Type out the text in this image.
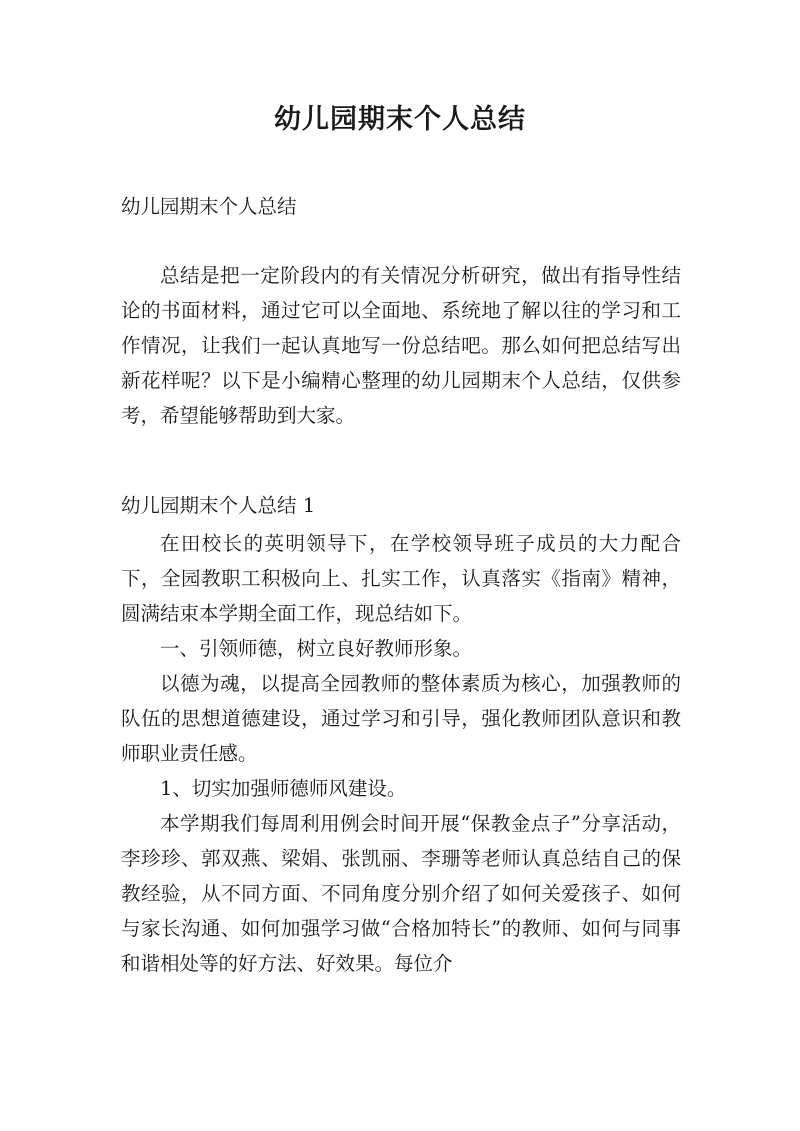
幼儿园期末个人总结

幼儿园期末个人总结

总结是把一定阶段内的有关情况分析研究，做出有指导性结论的书面材料，通过它可以全面地、系统地了解以往的学习和工作情况，让我们一起认真地写一份总结吧。那么如何把总结写出新花样呢？以下是小编精心整理的幼儿园期末个人总结，仅供参考，希望能够帮助到大家。

幼儿园期末个人总结 1

在田校长的英明领导下，在学校领导班子成员的大力配合下，全园教职工积极向上、扎实工作，认真落实《指南》精神，圆满结束本学期全面工作，现总结如下。

一、引领师德，树立良好教师形象。

以德为魂，以提高全园教师的整体素质为核心，加强教师的队伍的思想道德建设，通过学习和引导，强化教师团队意识和教师职业责任感。

1、切实加强师德师风建设。

本学期我们每周利用例会时间开展“保教金点子”分享活动，李珍珍、郭双燕、梁娟、张凯丽、李珊等老师认真总结自己的保教经验，从不同方面、不同角度分别介绍了如何关爱孩子、如何与家长沟通、如何加强学习做“合格加特长”的教师、如何与同事和谐相处等的好方法、好效果。每位介
